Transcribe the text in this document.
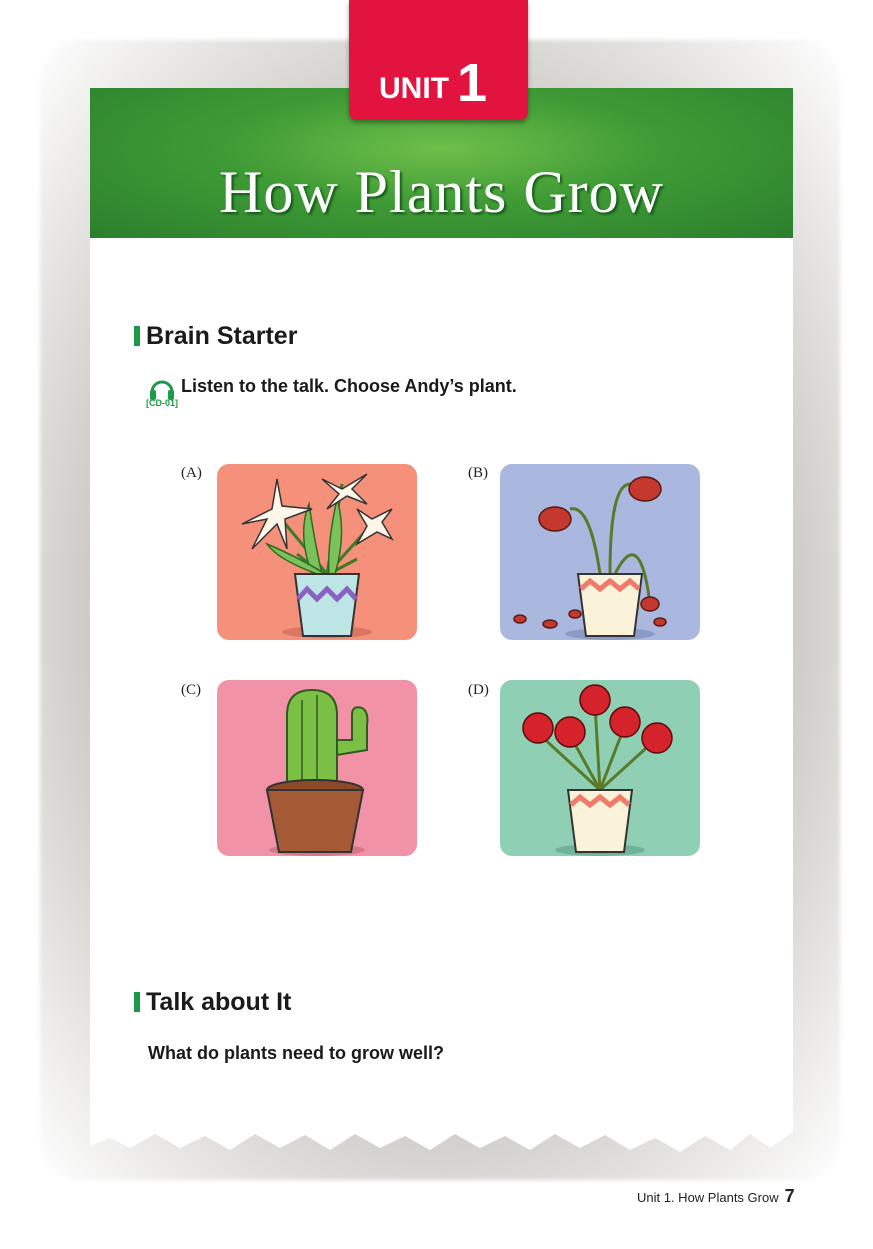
UNIT 1
How Plants Grow
Brain Starter
[CD-01]
Listen to the talk. Choose Andy’s plant.
(A)	(B)
(C)	(D)
Talk about It
What do plants need to grow well?
Unit 1. How Plants Grow 7
